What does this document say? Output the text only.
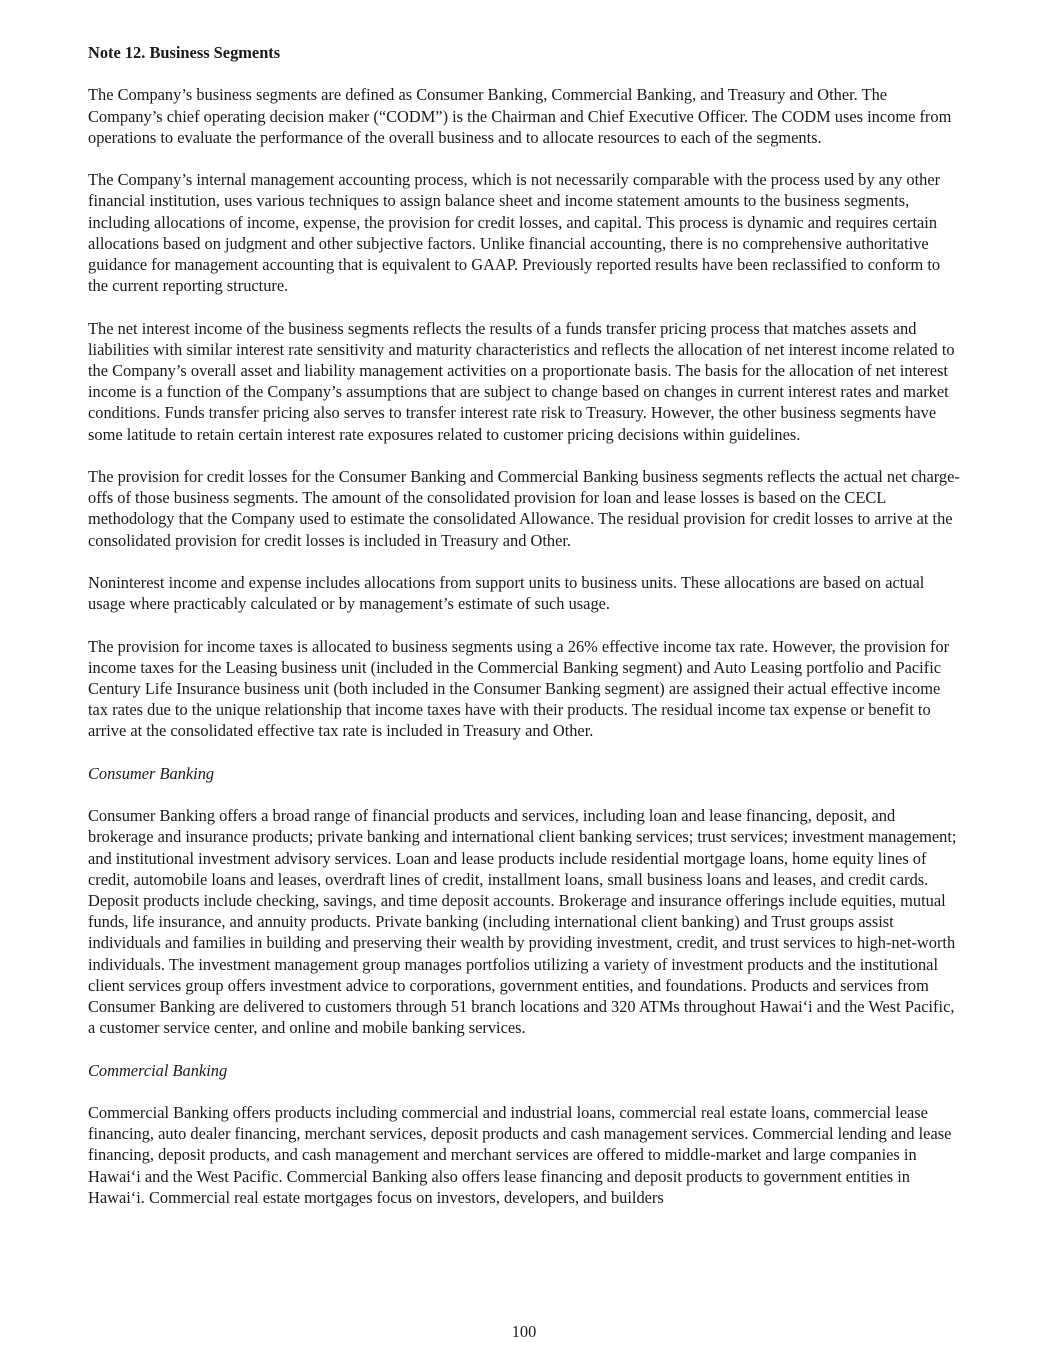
Note 12. Business Segments

The Company’s business segments are defined as Consumer Banking, Commercial Banking, and Treasury and Other. The Company’s chief operating decision maker (“CODM”) is the Chairman and Chief Executive Officer. The CODM uses income from operations to evaluate the performance of the overall business and to allocate resources to each of the segments.

The Company’s internal management accounting process, which is not necessarily comparable with the process used by any other financial institution, uses various techniques to assign balance sheet and income statement amounts to the business segments, including allocations of income, expense, the provision for credit losses, and capital. This process is dynamic and requires certain allocations based on judgment and other subjective factors. Unlike financial accounting, there is no comprehensive authoritative guidance for management accounting that is equivalent to GAAP. Previously reported results have been reclassified to conform to the current reporting structure.

The net interest income of the business segments reflects the results of a funds transfer pricing process that matches assets and liabilities with similar interest rate sensitivity and maturity characteristics and reflects the allocation of net interest income related to the Company’s overall asset and liability management activities on a proportionate basis. The basis for the allocation of net interest income is a function of the Company’s assumptions that are subject to change based on changes in current interest rates and market conditions. Funds transfer pricing also serves to transfer interest rate risk to Treasury. However, the other business segments have some latitude to retain certain interest rate exposures related to customer pricing decisions within guidelines.

The provision for credit losses for the Consumer Banking and Commercial Banking business segments reflects the actual net charge-offs of those business segments. The amount of the consolidated provision for loan and lease losses is based on the CECL methodology that the Company used to estimate the consolidated Allowance. The residual provision for credit losses to arrive at the consolidated provision for credit losses is included in Treasury and Other.

Noninterest income and expense includes allocations from support units to business units. These allocations are based on actual usage where practicably calculated or by management’s estimate of such usage.

The provision for income taxes is allocated to business segments using a 26% effective income tax rate. However, the provision for income taxes for the Leasing business unit (included in the Commercial Banking segment) and Auto Leasing portfolio and Pacific Century Life Insurance business unit (both included in the Consumer Banking segment) are assigned their actual effective income tax rates due to the unique relationship that income taxes have with their products. The residual income tax expense or benefit to arrive at the consolidated effective tax rate is included in Treasury and Other.

Consumer Banking

Consumer Banking offers a broad range of financial products and services, including loan and lease financing, deposit, and brokerage and insurance products; private banking and international client banking services; trust services; investment management; and institutional investment advisory services. Loan and lease products include residential mortgage loans, home equity lines of credit, automobile loans and leases, overdraft lines of credit, installment loans, small business loans and leases, and credit cards. Deposit products include checking, savings, and time deposit accounts. Brokerage and insurance offerings include equities, mutual funds, life insurance, and annuity products. Private banking (including international client banking) and Trust groups assist individuals and families in building and preserving their wealth by providing investment, credit, and trust services to high-net-worth individuals. The investment management group manages portfolios utilizing a variety of investment products and the institutional client services group offers investment advice to corporations, government entities, and foundations. Products and services from Consumer Banking are delivered to customers through 51 branch locations and 320 ATMs throughout Hawai‘i and the West Pacific, a customer service center, and online and mobile banking services.

Commercial Banking

Commercial Banking offers products including commercial and industrial loans, commercial real estate loans, commercial lease financing, auto dealer financing, merchant services, deposit products and cash management services. Commercial lending and lease financing, deposit products, and cash management and merchant services are offered to middle-market and large companies in Hawai‘i and the West Pacific. Commercial Banking also offers lease financing and deposit products to government entities in Hawai‘i. Commercial real estate mortgages focus on investors, developers, and builders

100
